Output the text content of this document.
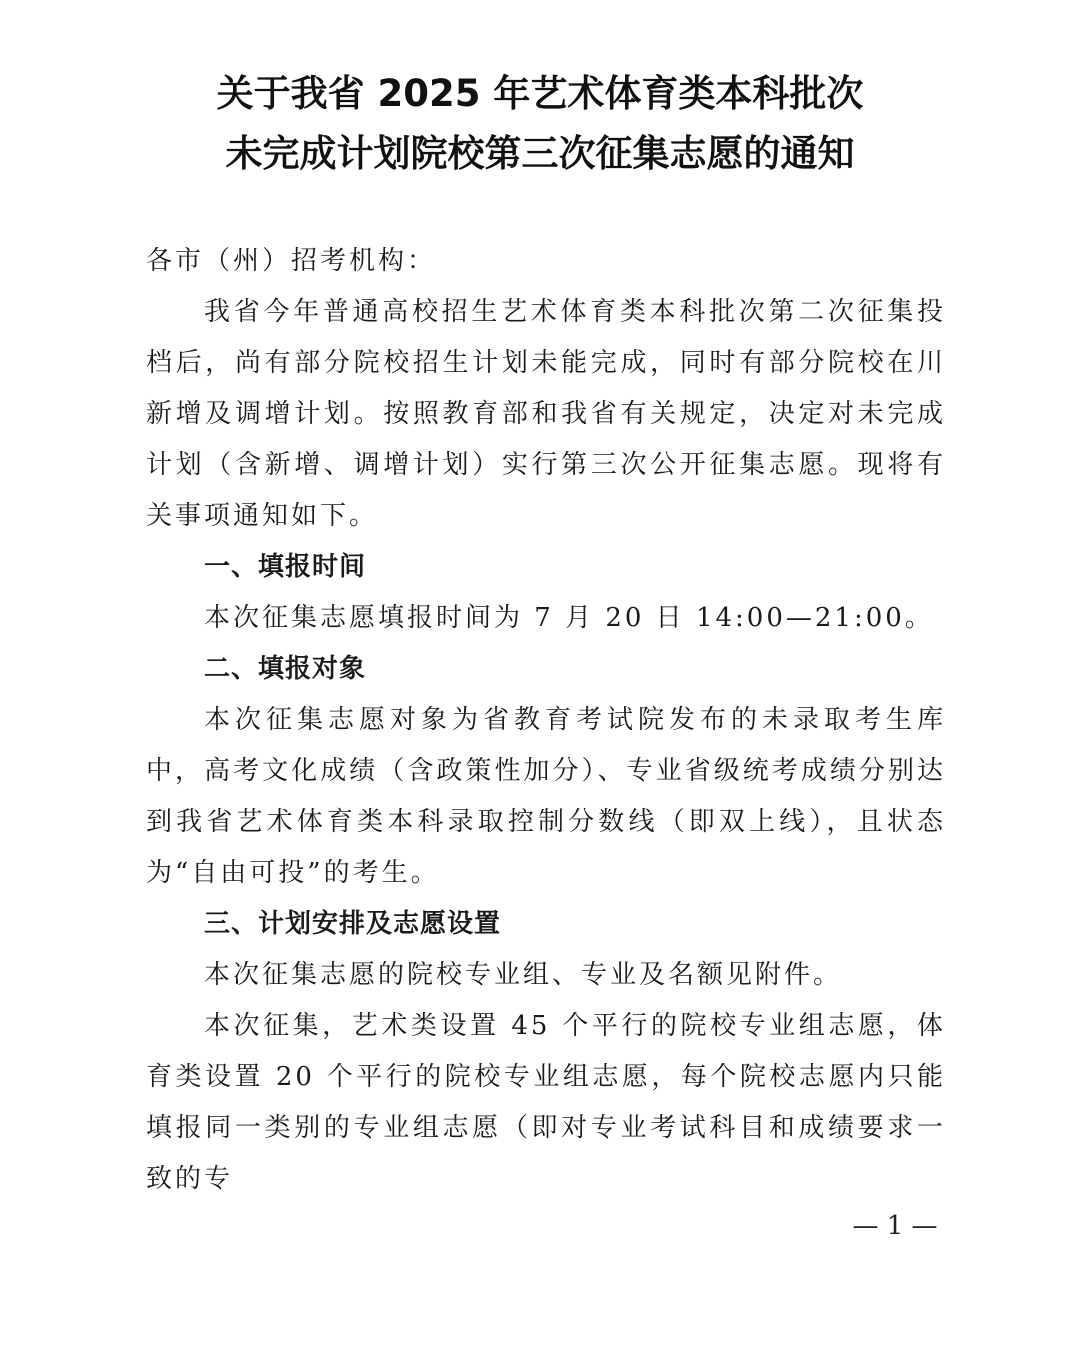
关于我省 2025 年艺术体育类本科批次
未完成计划院校第三次征集志愿的通知

各市（州）招考机构：

我省今年普通高校招生艺术体育类本科批次第二次征集投档后，尚有部分院校招生计划未能完成，同时有部分院校在川新增及调增计划。按照教育部和我省有关规定，决定对未完成计划（含新增、调增计划）实行第三次公开征集志愿。现将有关事项通知如下。

一、填报时间

本次征集志愿填报时间为 7 月 20 日 14:00—21:00。

二、填报对象

本次征集志愿对象为省教育考试院发布的未录取考生库中，高考文化成绩（含政策性加分）、专业省级统考成绩分别达到我省艺术体育类本科录取控制分数线（即双上线），且状态为“自由可投”的考生。

三、计划安排及志愿设置

本次征集志愿的院校专业组、专业及名额见附件。

本次征集，艺术类设置 45 个平行的院校专业组志愿，体育类设置 20 个平行的院校专业组志愿，每个院校志愿内只能填报同一类别的专业组志愿（即对专业考试科目和成绩要求一致的专

— 1 —
